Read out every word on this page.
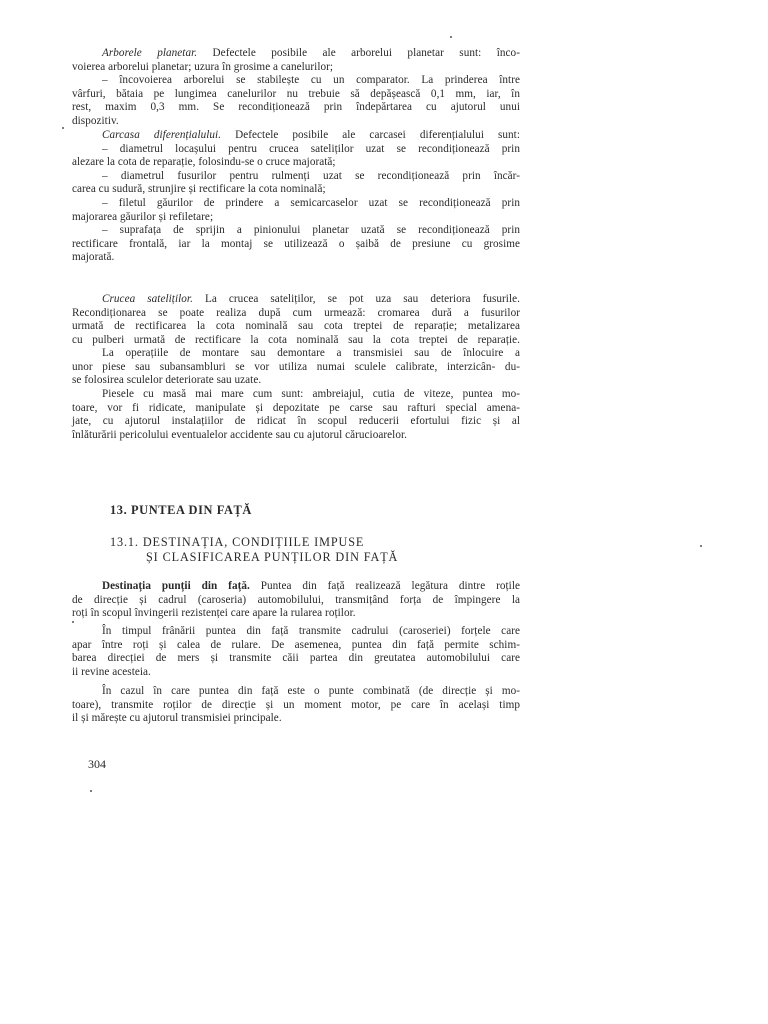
Arborele planetar. Defectele posibile ale arborelui planetar sunt: înco-
voierea arborelui planetar; uzura în grosime a canelurilor;
– încovoierea arborelui se stabilește cu un comparator. La prinderea între
vârfuri, bătaia pe lungimea canelurilor nu trebuie să depășească 0,1 mm, iar, în
rest, maxim 0,3 mm. Se recondiționează prin îndepărtarea cu ajutorul unui
dispozitiv.
Carcasa diferențialului. Defectele posibile ale carcasei diferențialului sunt:
– diametrul locașului pentru crucea sateliților uzat se recondiționează prin
alezare la cota de reparație, folosindu-se o cruce majorată;
– diametrul fusurilor pentru rulmenți uzat se recondiționează prin încăr-
carea cu sudură, strunjire și rectificare la cota nominală;
– filetul găurilor de prindere a semicarcaselor uzat se recondiționează prin
majorarea găurilor și refiletare;
– suprafața de sprijin a pinionului planetar uzată se recondiționează prin
rectificare frontală, iar la montaj se utilizează o șaibă de presiune cu grosime
majorată.
Crucea sateliților. La crucea sateliților, se pot uza sau deteriora fusurile.
Recondiționarea se poate realiza după cum urmează: cromarea dură a fusurilor
urmată de rectificarea la cota nominală sau cota treptei de reparație; metalizarea
cu pulberi urmată de rectificare la cota nominală sau la cota treptei de reparație.
La operațiile de montare sau demontare a transmisiei sau de înlocuire a
unor piese sau subansambluri se vor utiliza numai sculele calibrate, interzicân- du-
se folosirea sculelor deteriorate sau uzate.
Piesele cu masă mai mare cum sunt: ambreiajul, cutia de viteze, puntea mo-
toare, vor fi ridicate, manipulate și depozitate pe carse sau rafturi special amena-
jate, cu ajutorul instalațiilor de ridicat în scopul reducerii efortului fizic și al
înlăturării pericolului eventualelor accidente sau cu ajutorul cărucioarelor.
13. PUNTEA DIN FAȚĂ
13.1. DESTINAȚIA, CONDIȚIILE IMPUSE
ȘI CLASIFICAREA PUNȚILOR DIN FAȚĂ
Destinația punții din față. Puntea din față realizează legătura dintre roțile
de direcție și cadrul (caroseria) automobilului, transmițând forța de împingere la
roți în scopul învingerii rezistenței care apare la rularea roților.
În timpul frânării puntea din față transmite cadrului (caroseriei) forțele care
apar între roți și calea de rulare. De asemenea, puntea din față permite schim-
barea direcției de mers și transmite căii partea din greutatea automobilului care
ii revine acesteia.
În cazul în care puntea din față este o punte combinată (de direcție și mo-
toare), transmite roților de direcție și un moment motor, pe care în același timp
il și mărește cu ajutorul transmisiei principale.
304
